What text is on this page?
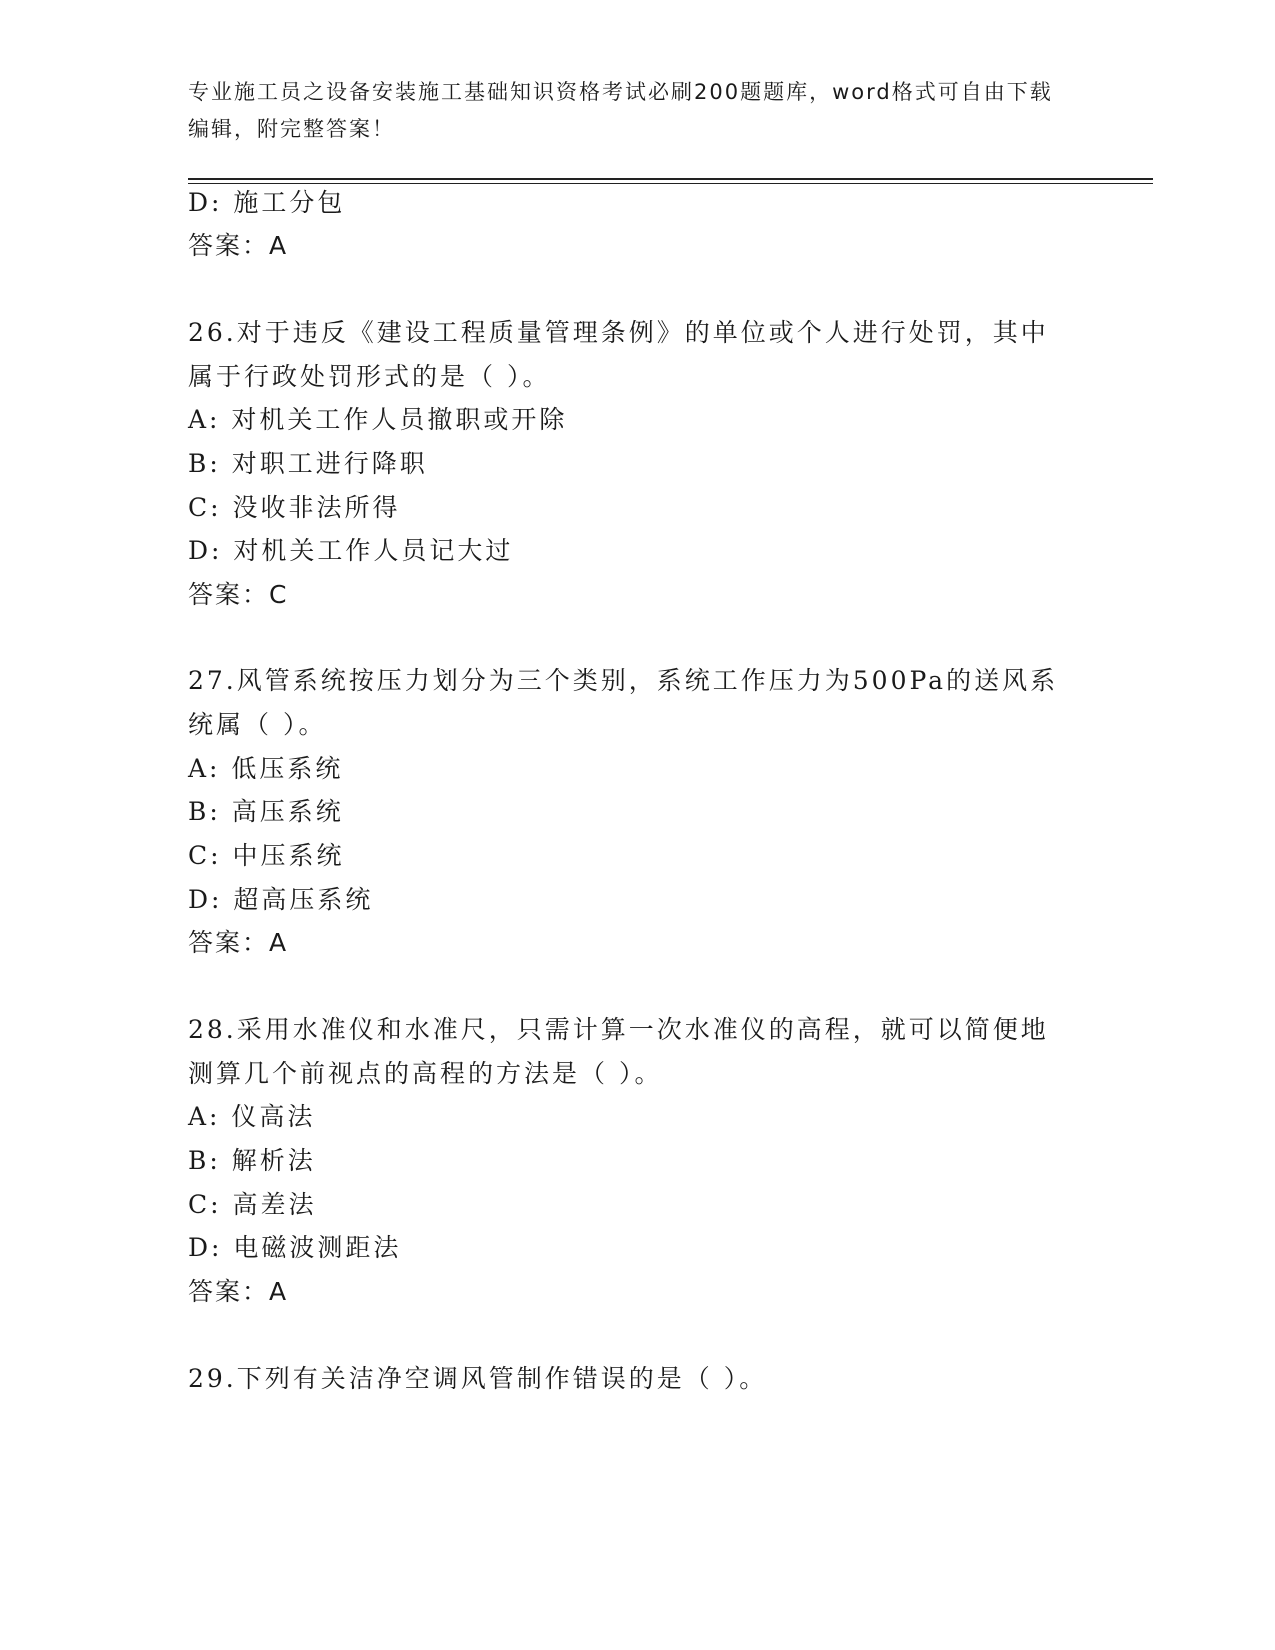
专业施工员之设备安装施工基础知识资格考试必刷200题题库，word格式可自由下载编辑，附完整答案！
D: 施工分包
答案：A
26.对于违反《建设工程质量管理条例》的单位或个人进行处罚，其中
属于行政处罚形式的是（ ）。
A: 对机关工作人员撤职或开除
B: 对职工进行降职
C: 没收非法所得
D: 对机关工作人员记大过
答案：C
27.风管系统按压力划分为三个类别，系统工作压力为500Pa的送风系
统属（ ）。
A: 低压系统
B: 高压系统
C: 中压系统
D: 超高压系统
答案：A
28.采用水准仪和水准尺，只需计算一次水准仪的高程，就可以简便地
测算几个前视点的高程的方法是（ ）。
A: 仪高法
B: 解析法
C: 高差法
D: 电磁波测距法
答案：A
29.下列有关洁净空调风管制作错误的是（ ）。
